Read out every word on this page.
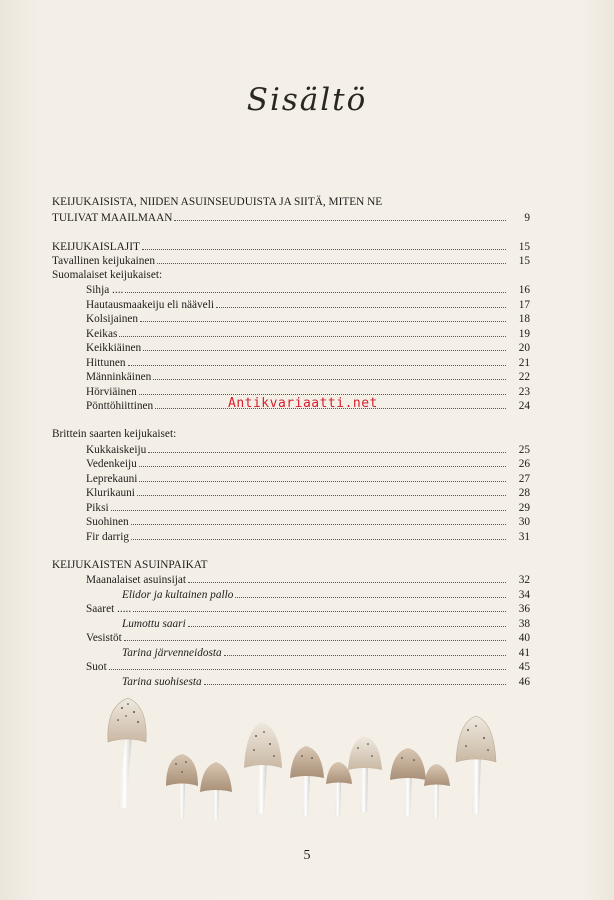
Sisältö
KEIJUKAISISTA, NIIDEN ASUINSEUDUISTA JA SIITÄ, MITEN NE
TULIVAT MAAILMAAN	9
KEIJUKAISLAJIT	15
Tavallinen keijukainen	15
Suomalaiset keijukaiset:
Sihja ....	16
Hautausmaakeiju eli nääveli	17
Kolsijainen	18
Keikas	19
Keikkiäinen	20
Hittunen	21
Männinkäinen	22
Hörviäinen	23
Pönttöhiittinen	24
Brittein saarten keijukaiset:
Kukkaiskeiju	25
Vedenkeiju	26
Leprekauni	27
Klurikauni	28
Piksi	29
Suohinen	30
Fir darrig	31
KEIJUKAISTEN ASUINPAIKAT
Maanalaiset asuinsijat	32
Elidor ja kultainen pallo	34
Saaret .....	36
Lumottu saari	38
Vesistöt	40
Tarina järvenneidosta	41
Suot	45
Tarina suohisesta	46
Antikvariaatti.net
5
